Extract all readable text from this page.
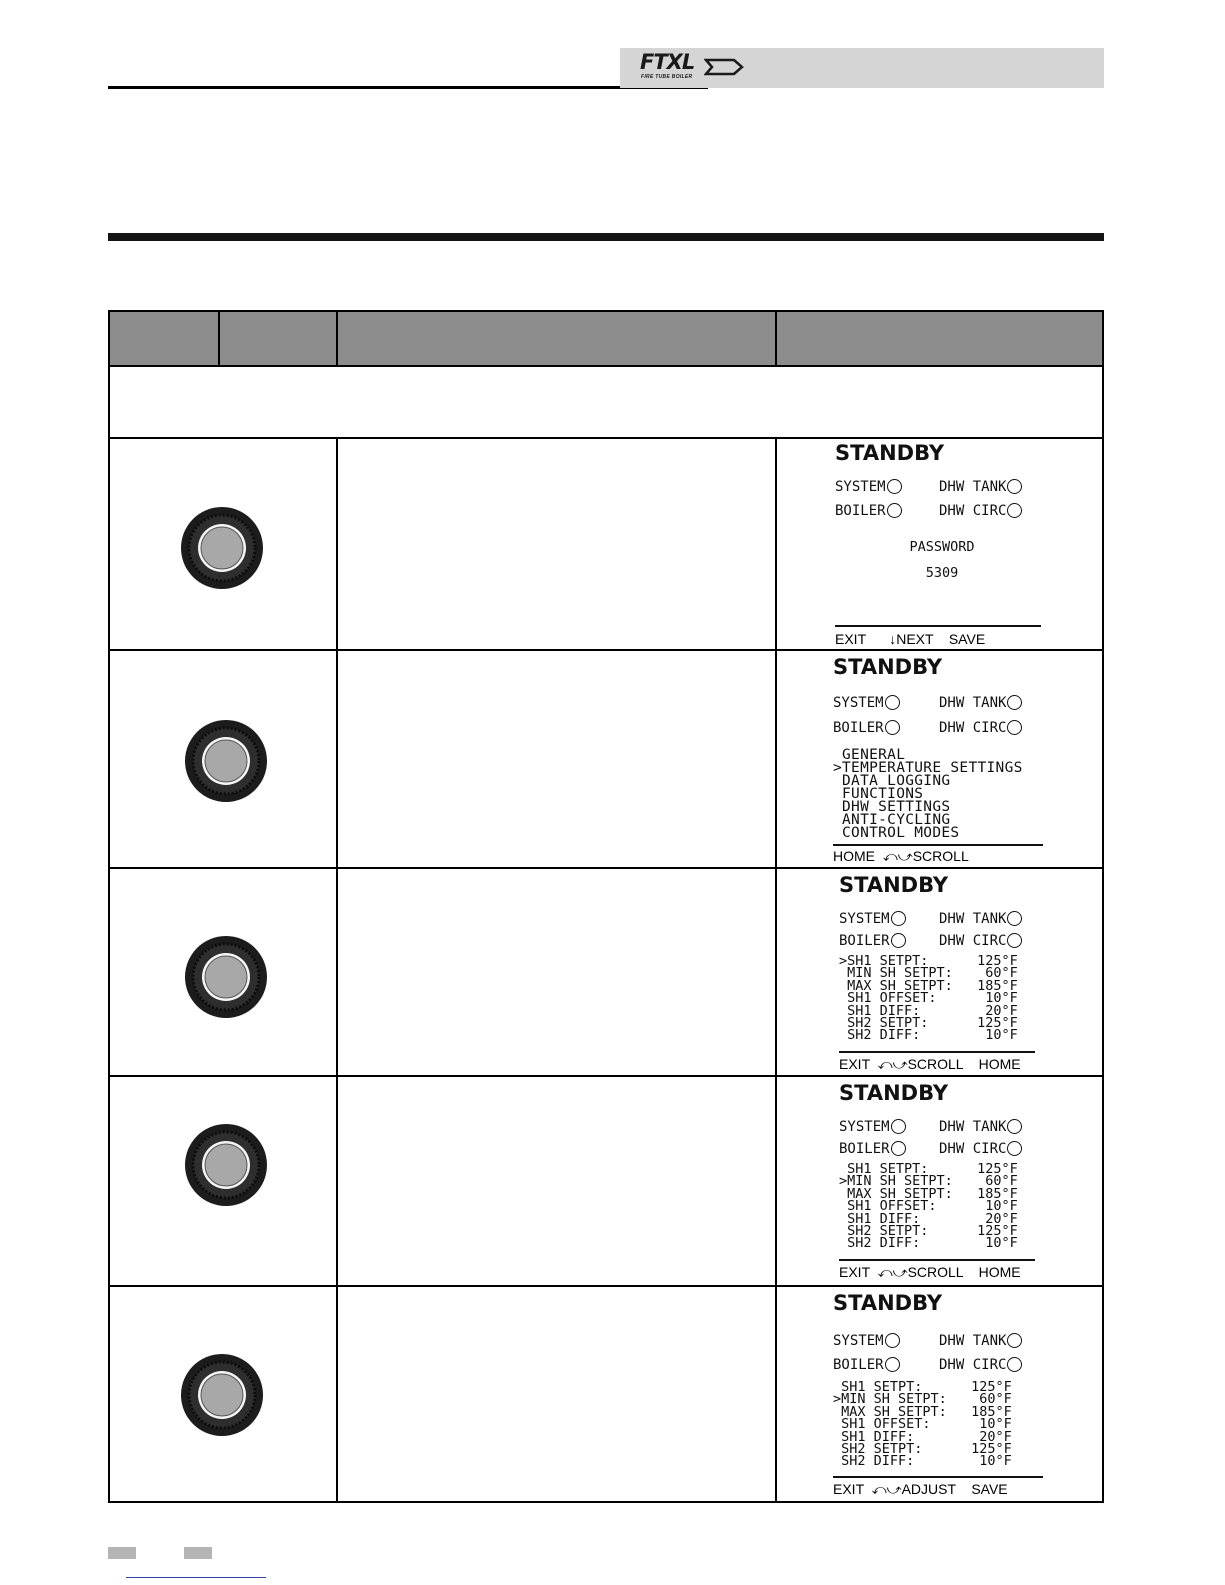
FTXL
FIRE TUBE BOILER
STANDBY
SYSTEM	DHW TANK
BOILER	DHW CIRC
PASSWORD
5309
EXIT      ↓NEXT    SAVE
STANDBY
SYSTEM	DHW TANK
BOILER	DHW CIRC
GENERAL
>TEMPERATURE SETTINGS
DATA LOGGING
FUNCTIONS
DHW SETTINGS
ANTI-CYCLING
CONTROL MODES
HOME  ⤺⤻SCROLL
STANDBY
SYSTEM	DHW TANK
BOILER	DHW CIRC
>SH1 SETPT:      125°F
MIN SH SETPT:    60°F
MAX SH SETPT:   185°F
SH1 OFFSET:      10°F
SH1 DIFF:        20°F
SH2 SETPT:      125°F
SH2 DIFF:        10°F
EXIT  ⤺⤻SCROLL    HOME
STANDBY
SYSTEM	DHW TANK
BOILER	DHW CIRC
SH1 SETPT:      125°F
>MIN SH SETPT:    60°F
MAX SH SETPT:   185°F
SH1 OFFSET:      10°F
SH1 DIFF:        20°F
SH2 SETPT:      125°F
SH2 DIFF:        10°F
EXIT  ⤺⤻SCROLL    HOME
STANDBY
SYSTEM	DHW TANK
BOILER	DHW CIRC
SH1 SETPT:      125°F
>MIN SH SETPT:    60°F
MAX SH SETPT:   185°F
SH1 OFFSET:      10°F
SH1 DIFF:        20°F
SH2 SETPT:      125°F
SH2 DIFF:        10°F
EXIT  ⤺⤻ADJUST    SAVE
